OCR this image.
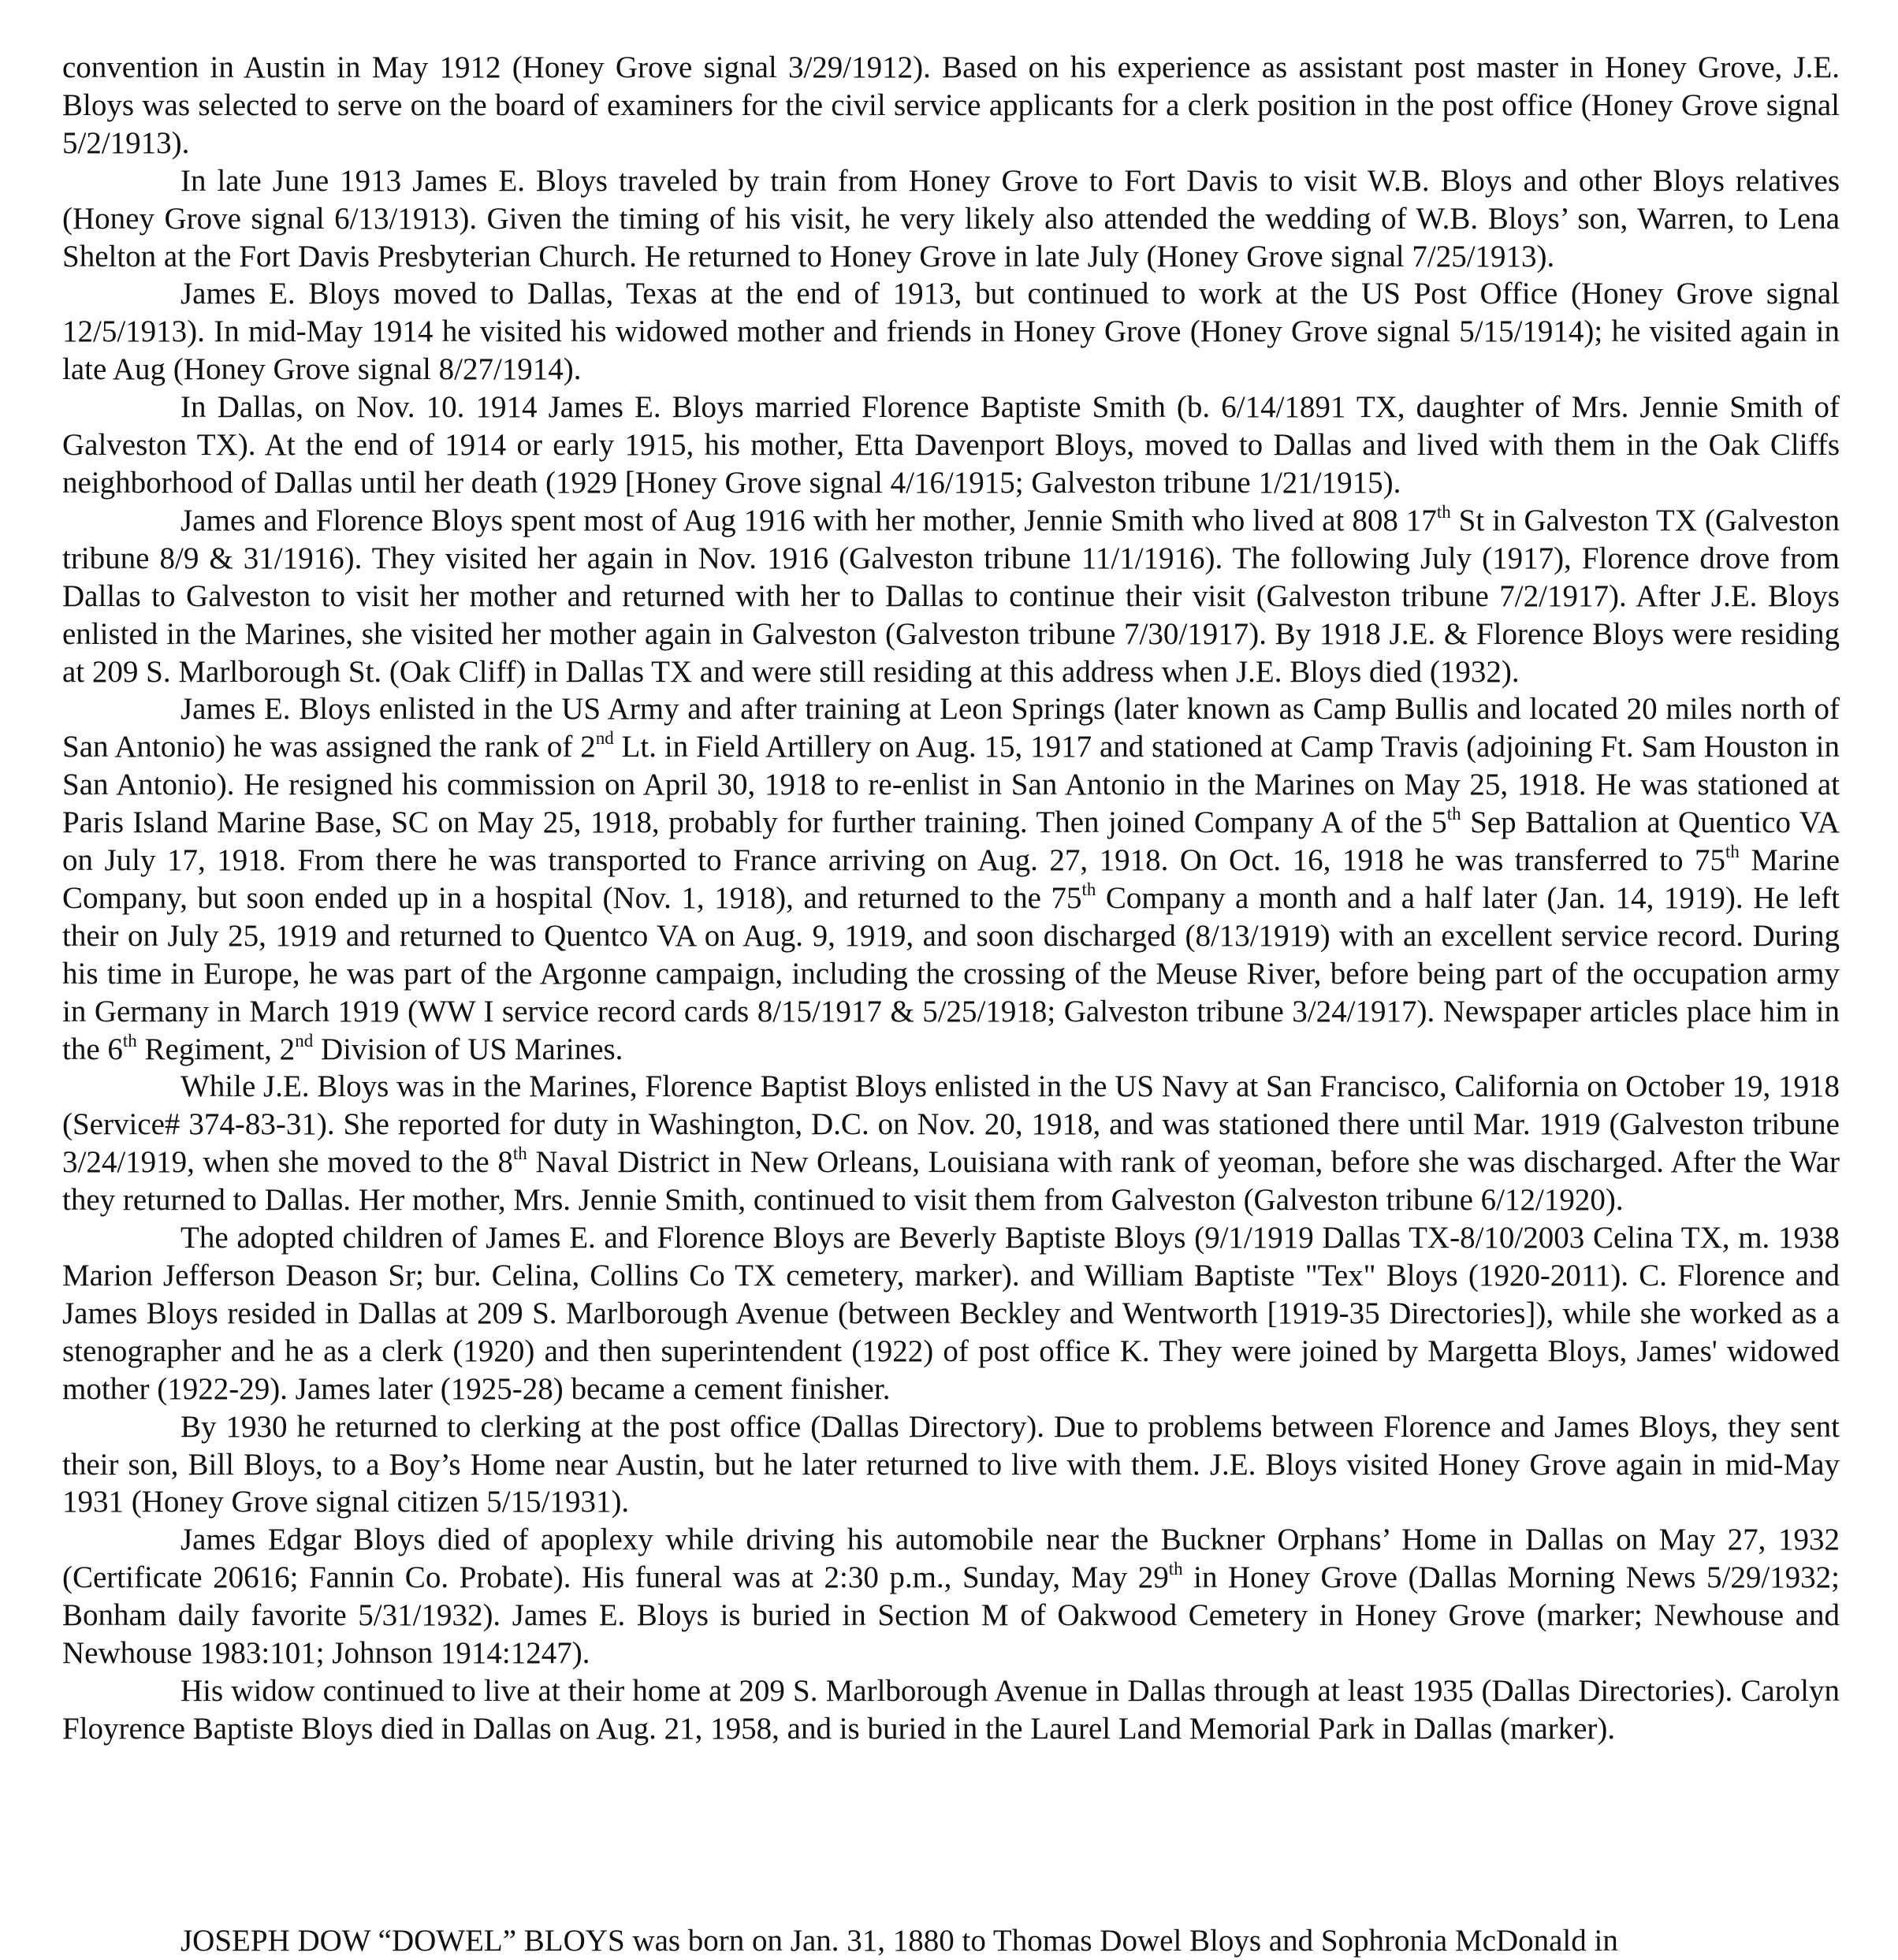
convention in Austin in May 1912 (Honey Grove signal 3/29/1912). Based on his experience as assistant post master in Honey Grove, J.E. Bloys was selected to serve on the board of examiners for the civil service applicants for a clerk position in the post office (Honey Grove signal 5/2/1913).

In late June 1913 James E. Bloys traveled by train from Honey Grove to Fort Davis to visit W.B. Bloys and other Bloys relatives (Honey Grove signal 6/13/1913). Given the timing of his visit, he very likely also attended the wedding of W.B. Bloys’ son, Warren, to Lena Shelton at the Fort Davis Presbyterian Church. He returned to Honey Grove in late July (Honey Grove signal 7/25/1913).

James E. Bloys moved to Dallas, Texas at the end of 1913, but continued to work at the US Post Office (Honey Grove signal 12/5/1913). In mid-May 1914 he visited his widowed mother and friends in Honey Grove (Honey Grove signal 5/15/1914); he visited again in late Aug (Honey Grove signal 8/27/1914).

In Dallas, on Nov. 10. 1914 James E. Bloys married Florence Baptiste Smith (b. 6/14/1891 TX, daughter of Mrs. Jennie Smith of Galveston TX). At the end of 1914 or early 1915, his mother, Etta Davenport Bloys, moved to Dallas and lived with them in the Oak Cliffs neighborhood of Dallas until her death (1929 [Honey Grove signal 4/16/1915; Galveston tribune 1/21/1915).

James and Florence Bloys spent most of Aug 1916 with her mother, Jennie Smith who lived at 808 17th St in Galveston TX (Galveston tribune 8/9 & 31/1916). They visited her again in Nov. 1916 (Galveston tribune 11/1/1916). The following July (1917), Florence drove from Dallas to Galveston to visit her mother and returned with her to Dallas to continue their visit (Galveston tribune 7/2/1917). After J.E. Bloys enlisted in the Marines, she visited her mother again in Galveston (Galveston tribune 7/30/1917). By 1918 J.E. & Florence Bloys were residing at 209 S. Marlborough St. (Oak Cliff) in Dallas TX and were still residing at this address when J.E. Bloys died (1932).

James E. Bloys enlisted in the US Army and after training at Leon Springs (later known as Camp Bullis and located 20 miles north of San Antonio) he was assigned the rank of 2nd Lt. in Field Artillery on Aug. 15, 1917 and stationed at Camp Travis (adjoining Ft. Sam Houston in San Antonio). He resigned his commission on April 30, 1918 to re-enlist in San Antonio in the Marines on May 25, 1918. He was stationed at Paris Island Marine Base, SC on May 25, 1918, probably for further training. Then joined Company A of the 5th Sep Battalion at Quentico VA on July 17, 1918. From there he was transported to France arriving on Aug. 27, 1918. On Oct. 16, 1918 he was transferred to 75th Marine Company, but soon ended up in a hospital (Nov. 1, 1918), and returned to the 75th Company a month and a half later (Jan. 14, 1919). He left their on July 25, 1919 and returned to Quentco VA on Aug. 9, 1919, and soon discharged (8/13/1919) with an excellent service record. During his time in Europe, he was part of the Argonne campaign, including the crossing of the Meuse River, before being part of the occupation army in Germany in March 1919 (WW I service record cards 8/15/1917 & 5/25/1918; Galveston tribune 3/24/1917). Newspaper articles place him in the 6th Regiment, 2nd Division of US Marines.

While J.E. Bloys was in the Marines, Florence Baptist Bloys enlisted in the US Navy at San Francisco, California on October 19, 1918 (Service# 374-83-31). She reported for duty in Washington, D.C. on Nov. 20, 1918, and was stationed there until Mar. 1919 (Galveston tribune 3/24/1919, when she moved to the 8th Naval District in New Orleans, Louisiana with rank of yeoman, before she was discharged. After the War they returned to Dallas. Her mother, Mrs. Jennie Smith, continued to visit them from Galveston (Galveston tribune 6/12/1920).

The adopted children of James E. and Florence Bloys are Beverly Baptiste Bloys (9/1/1919 Dallas TX-8/10/2003 Celina TX, m. 1938 Marion Jefferson Deason Sr; bur. Celina, Collins Co TX cemetery, marker). and William Baptiste "Tex" Bloys (1920-2011). C. Florence and James Bloys resided in Dallas at 209 S. Marlborough Avenue (between Beckley and Wentworth [1919-35 Directories]), while she worked as a stenographer and he as a clerk (1920) and then superintendent (1922) of post office K. They were joined by Margetta Bloys, James' widowed mother (1922-29). James later (1925-28) became a cement finisher.

By 1930 he returned to clerking at the post office (Dallas Directory). Due to problems between Florence and James Bloys, they sent their son, Bill Bloys, to a Boy’s Home near Austin, but he later returned to live with them. J.E. Bloys visited Honey Grove again in mid-May 1931 (Honey Grove signal citizen 5/15/1931).

James Edgar Bloys died of apoplexy while driving his automobile near the Buckner Orphans’ Home in Dallas on May 27, 1932 (Certificate 20616; Fannin Co. Probate). His funeral was at 2:30 p.m., Sunday, May 29th in Honey Grove (Dallas Morning News 5/29/1932; Bonham daily favorite 5/31/1932). James E. Bloys is buried in Section M of Oakwood Cemetery in Honey Grove (marker; Newhouse and Newhouse 1983:101; Johnson 1914:1247).

His widow continued to live at their home at 209 S. Marlborough Avenue in Dallas through at least 1935 (Dallas Directories). Carolyn Floyrence Baptiste Bloys died in Dallas on Aug. 21, 1958, and is buried in the Laurel Land Memorial Park in Dallas (marker).

JOSEPH DOW “DOWEL” BLOYS was born on Jan. 31, 1880 to Thomas Dowel Bloys and Sophronia McDonald in
